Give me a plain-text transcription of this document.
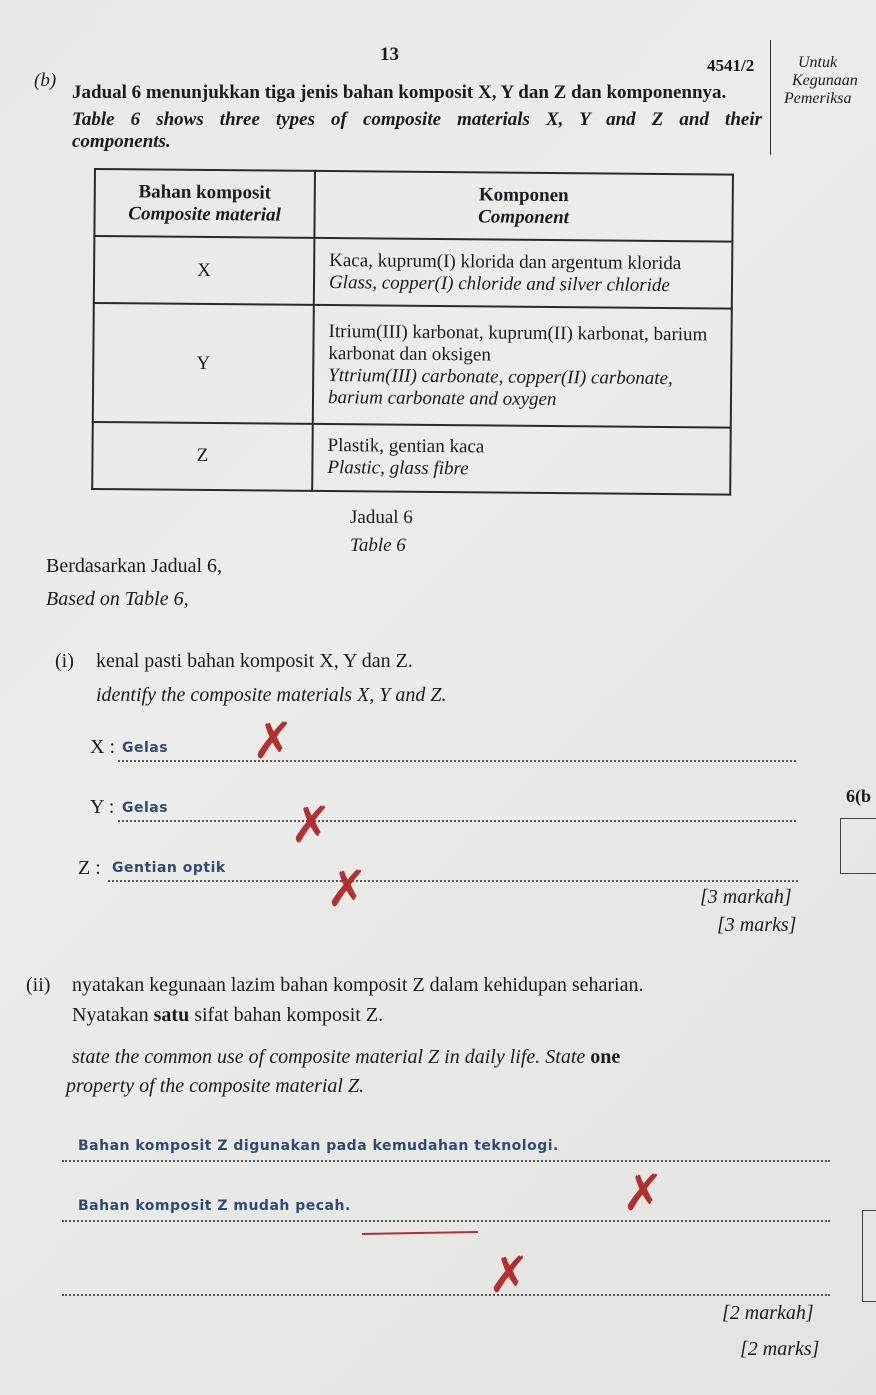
13
4541/2	Untuk
Kegunaan
Pemeriksa
(b)
Jadual 6 menunjukkan tiga jenis bahan komposit X, Y dan Z dan komponennya.
Table 6 shows three types of composite materials X, Y and Z and their
components.
Bahan komposit
Composite material	Komponen
Component

X	Kaca, kuprum(I) klorida dan argentum klorida
Glass, copper(I) chloride and silver chloride

Y	Itrium(III) karbonat, kuprum(II) karbonat, barium karbonat dan oksigen
Yttrium(III) carbonate, copper(II) carbonate, barium carbonate and oxygen

Z	Plastik, gentian kaca
Plastic, glass fibre
Jadual 6
Table 6
Berdasarkan Jadual 6,
Based on Table 6,
(i) kenal pasti bahan komposit X, Y dan Z.
identify the composite materials X, Y and Z.
X : Gelas ✗
Y : Gelas ✗
Z : Gentian optik ✗
6(b
[3 markah]
[3 marks]
(ii) nyatakan kegunaan lazim bahan komposit Z dalam kehidupan seharian.
Nyatakan satu sifat bahan komposit Z.
state the common use of composite material Z in daily life. State one
property of the composite material Z.
Bahan komposit Z digunakan pada kemudahan teknologi.
Bahan komposit Z mudah pecah.	✗
✗
[2 markah]
[2 marks]
